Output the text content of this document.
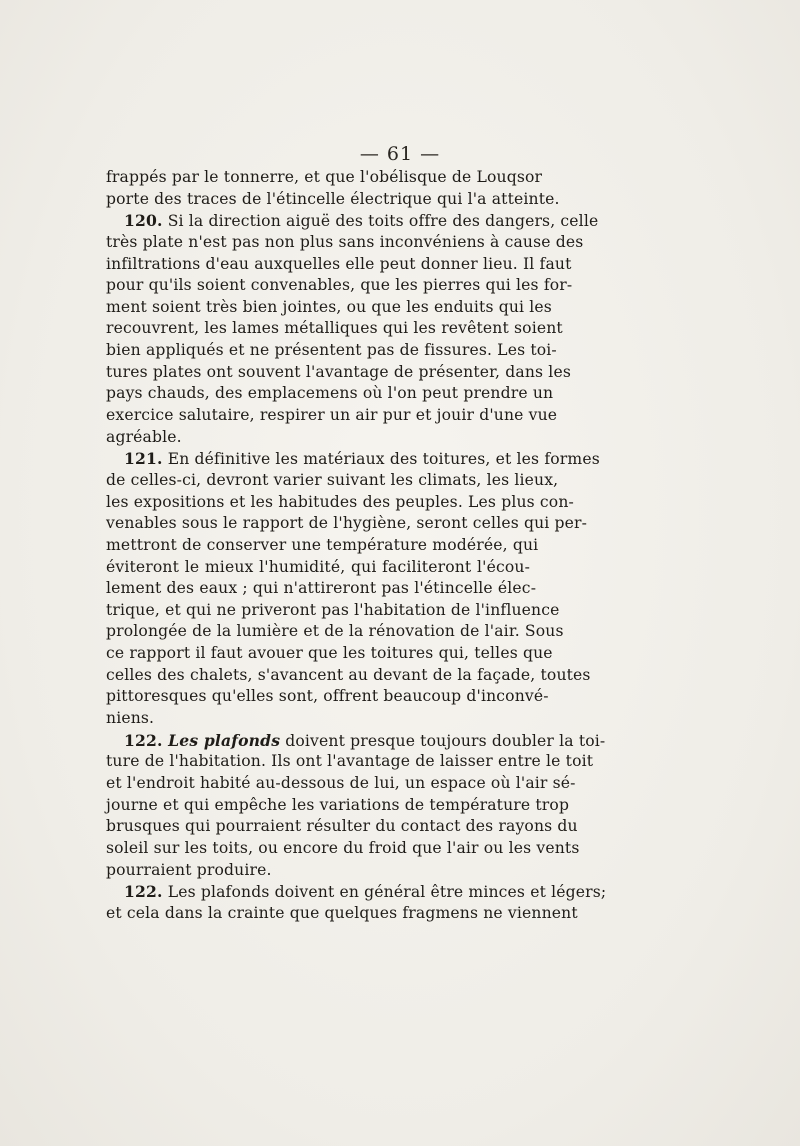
— 61 —
frappés par le tonnerre, et que l'obélisque de Louqsor
porte des traces de l'étincelle électrique qui l'a atteinte.
120. Si la direction aiguë des toits offre des dangers, celle
très plate n'est pas non plus sans inconvéniens à cause des
infiltrations d'eau auxquelles elle peut donner lieu. Il faut
pour qu'ils soient convenables, que les pierres qui les for-
ment soient très bien jointes, ou que les enduits qui les
recouvrent, les lames métalliques qui les revêtent soient
bien appliqués et ne présentent pas de fissures. Les toi-
tures plates ont souvent l'avantage de présenter, dans les
pays chauds, des emplacemens où l'on peut prendre un
exercice salutaire, respirer un air pur et jouir d'une vue
agréable.
121. En définitive les matériaux des toitures, et les formes
de celles-ci, devront varier suivant les climats, les lieux,
les expositions et les habitudes des peuples. Les plus con-
venables sous le rapport de l'hygiène, seront celles qui per-
mettront de conserver une température modérée, qui
éviteront le mieux l'humidité, qui faciliteront l'écou-
lement des eaux ; qui n'attireront pas l'étincelle élec-
trique, et qui ne priveront pas l'habitation de l'influence
prolongée de la lumière et de la rénovation de l'air. Sous
ce rapport il faut avouer que les toitures qui, telles que
celles des chalets, s'avancent au devant de la façade, toutes
pittoresques qu'elles sont, offrent beaucoup d'inconvé-
niens.
122. Les plafonds doivent presque toujours doubler la toi-
ture de l'habitation. Ils ont l'avantage de laisser entre le toit
et l'endroit habité au-dessous de lui, un espace où l'air sé-
journe et qui empêche les variations de température trop
brusques qui pourraient résulter du contact des rayons du
soleil sur les toits, ou encore du froid que l'air ou les vents
pourraient produire.
122. Les plafonds doivent en général être minces et légers;
et cela dans la crainte que quelques fragmens ne viennent
